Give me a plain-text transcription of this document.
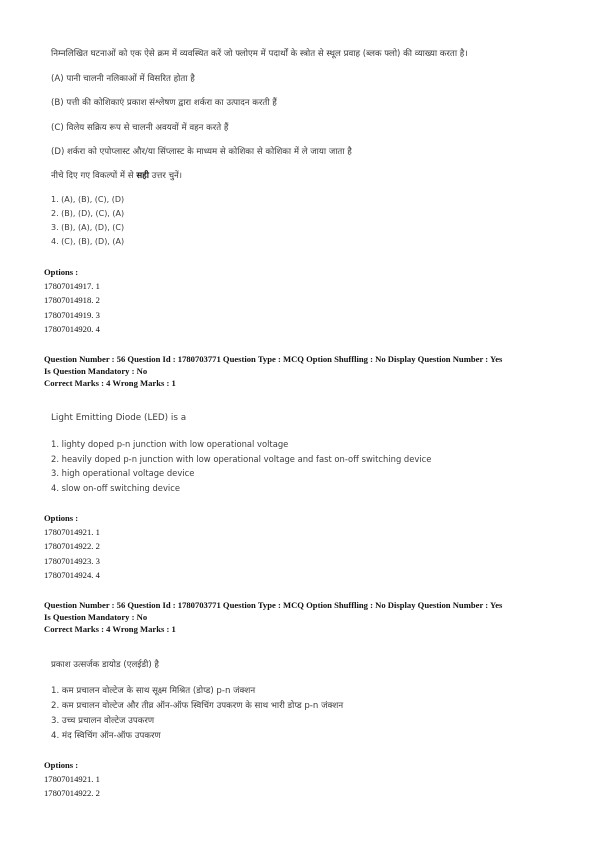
निम्नलिखित घटनाओं को एक ऐसे क्रम में व्यवस्थित करें जो फ्लोएम में पदार्थों के स्त्रोत से स्थूल प्रवाह (ब्लक फ्लो) की व्याख्या करता है।
(A) पानी चालनी नलिकाओं में विसरित होता है
(B) पत्ती की कोशिकाएं प्रकाश संश्लेषण द्वारा शर्करा का उत्पादन करती हैं
(C) विलेय सक्रिय रूप से चालनी अवयवों में वहन करते हैं
(D) शर्करा को एपोप्लास्ट और/या सिंप्लास्ट के माध्यम से कोशिका से कोशिका में ले जाया जाता है
नीचे दिए गए विकल्पों में से सही उत्तर चुनें।
1. (A), (B), (C), (D)
2. (B), (D), (C), (A)
3. (B), (A), (D), (C)
4. (C), (B), (D), (A)
Options :
17807014917. 1
17807014918. 2
17807014919. 3
17807014920. 4
Question Number : 56 Question Id : 1780703771 Question Type : MCQ Option Shuffling : No Display Question Number : Yes
Is Question Mandatory : No
Correct Marks : 4 Wrong Marks : 1
Light Emitting Diode (LED) is a
1. lighty doped p-n junction with low operational voltage
2. heavily doped p-n junction with low operational voltage and fast on-off switching device
3. high operational voltage device
4. slow on-off switching device
Options :
17807014921. 1
17807014922. 2
17807014923. 3
17807014924. 4
Question Number : 56 Question Id : 1780703771 Question Type : MCQ Option Shuffling : No Display Question Number : Yes
Is Question Mandatory : No
Correct Marks : 4 Wrong Marks : 1
प्रकाश उत्सर्जक डायोड (एलईडी) है
1. कम प्रचालन वोल्टेज के साथ सूक्ष्म मिश्रित (डोप्ड) p-n जंक्शन
2. कम प्रचालन वोल्टेज और तीव्र ऑन-ऑफ स्विचिंग उपकरण के साथ भारी डोप्ड p-n जंक्शन
3. उच्च प्रचालन वोल्टेज उपकरण
4. मंद स्विचिंग ऑन-ऑफ उपकरण
Options :
17807014921. 1
17807014922. 2
